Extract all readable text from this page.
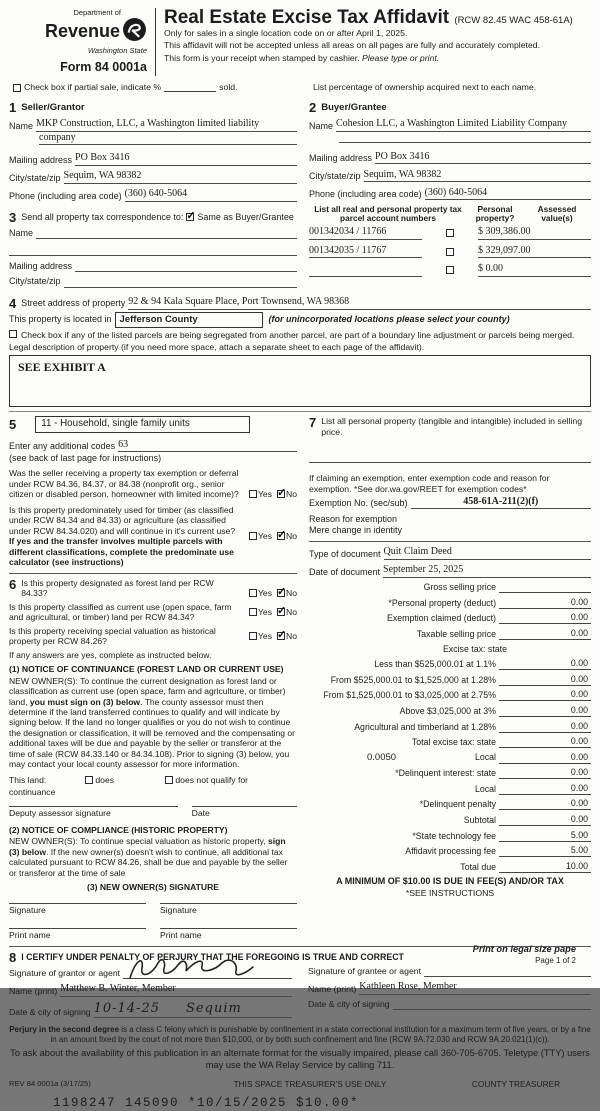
Department of
Revenue
Washington State
Form 84 0001a
Real Estate Excise Tax Affidavit (RCW 82.45 WAC 458-61A)
Only for sales in a single location code on or after April 1, 2025.
This affidavit will not be accepted unless all areas on all pages are fully and accurately completed.
This form is your receipt when stamped by cashier. Please type or print.
Check box if partial sale, indicate %	sold.	List percentage of ownership acquired next to each name.
1 Seller/Grantor
Name MKP Construction, LLC, a Washington limited liability
company
Mailing address PO Box 3416
City/state/zip Sequim, WA 98382
Phone (including area code) (360) 640-5064
3 Send all property tax correspondence to:
✓ Same as Buyer/Grantee
Name
Mailing address
City/state/zip
2 Buyer/Grantee
Name Cohesion LLC, a Washington Limited Liability Company
Mailing address PO Box 3416
City/state/zip Sequim, WA 98382
Phone (including area code) (360) 640-5064
List all real and personal property tax parcel account numbers
Personal property?
Assessed value(s)
001342034 / 11766	$ 309,386.00
001342035 / 11767	$ 329,097.00
$ 0.00
4 Street address of property 92 & 94 Kala Square Place, Port Townsend, WA 98368
This property is located in Jefferson County	(for unincorporated locations please select your county)
Check box if any of the listed parcels are being segregated from another parcel, are part of a boundary line adjustment or parcels being merged.
Legal description of property (if you need more space, attach a separate sheet to each page of the affidavit).
SEE EXHIBIT A
5	11 - Household, single family units
Enter any additional codes 63
(see back of last page for instructions)
Was the seller receiving a property tax exemption or deferral under RCW 84.36, 84.37, or 84.38 (nonprofit org., senior citizen or disabled person, homeowner with limited income)?	Yes ✓ No
Is this property predominately used for timber (as classified under RCW 84.34 and 84.33) or agriculture (as classified under RCW 84.34.020) and will continue in it's current use? If yes and the transfer involves multiple parcels with different classifications, complete the predominate use calculator (see instructions)
Yes ✓ No
6 Is this property designated as forest land per RCW 84.33?	Yes ✓ No
Is this property classified as current use (open space, farm and agricultural, or timber) land per RCW 84.34?
Yes ✓ No
Is this property receiving special valuation as historical property per RCW 84.26?
Yes ✓ No
If any answers are yes, complete as instructed below.
(1) NOTICE OF CONTINUANCE (FOREST LAND OR CURRENT USE)
NEW OWNER(S): To continue the current designation as forest land or classification as current use (open space, farm and agriculture, or timber) land, you must sign on (3) below. The county assessor must then determine if the land transferred continues to qualify and will indicate by signing below. If the land no longer qualifies or you do not wish to continue the designation or classification, it will be removed and the compensating or additional taxes will be due and payable by the seller or transferor at the time of sale (RCW 84.33.140 or 84.34.108). Prior to signing (3) below, you may contact your local county assessor for more information.
This land:	does	does not qualify for
continuance
Deputy assessor signature	Date
(2) NOTICE OF COMPLIANCE (HISTORIC PROPERTY)
NEW OWNER(S): To continue special valuation as historic property, sign (3) below. If the new owner(s) doesn't wish to continue, all additional tax calculated pursuant to RCW 84.26, shall be due and payable by the seller or transferor at the time of sale
(3) NEW OWNER(S) SIGNATURE
Signature	Signature
Print name	Print name
7 List all personal property (tangible and intangible) included in selling price.
If claiming an exemption, enter exemption code and reason for
exemption. *See dor.wa.gov/REET for exemption codes*
Exemption No. (sec/sub)	458-61A-211(2)(f)
Reason for exemption
Mere change in identity
Type of document Quit Claim Deed
Date of document September 25, 2025
Gross selling price
*Personal property (deduct)	0.00
Exemption claimed (deduct)	0.00
Taxable selling price	0.00
Excise tax: state
Less than $525,000.01 at 1.1%	0.00
From $525,000.01 to $1,525,000 at 1.28%	0.00
From $1,525,000.01 to $3,025,000 at 2.75%	0.00
Above $3,025,000 at 3%	0.00
Agricultural and timberland at 1.28%	0.00
Total excise tax: state	0.00
0.0050	Local	0.00
*Delinquent interest: state	0.00
Local	0.00
*Delinquent penalty	0.00
Subtotal	0.00
*State technology fee	5.00
Affidavit processing fee	5.00
Total due	10.00
A MINIMUM OF $10.00 IS DUE IN FEE(S) AND/OR TAX
*SEE INSTRUCTIONS
8 I CERTIFY UNDER PENALTY OF PERJURY THAT THE FOREGOING IS TRUE AND CORRECT
Signature of grantor or agent
Name (print) Matthew B. Winter, Member
Date & city of signing 10-14-25 Sequim
Signature of grantee or agent
Name (print) Kathleen Rose, Member
Date & city of signing
Perjury in the second degree is a class C felony which is punishable by confinement in a state correctional institution for a maximum term of five years, or by a fine in an amount fixed by the court of not more than $10,000, or by both such confinement and fine (RCW 9A.72.030 and RCW 9A.20.021(1)(c)).
To ask about the availability of this publication in an alternate format for the visually impaired, please call 360-705-6705. Teletype (TTY) users may use the WA Relay Service by calling 711.
REV 84 0001a (3/17/25)	THIS SPACE TREASURER'S USE ONLY	COUNTY TREASURER
1198247 145090 *10/15/2025 $10.00*
Print on legal size pape
Page 1 of 2
